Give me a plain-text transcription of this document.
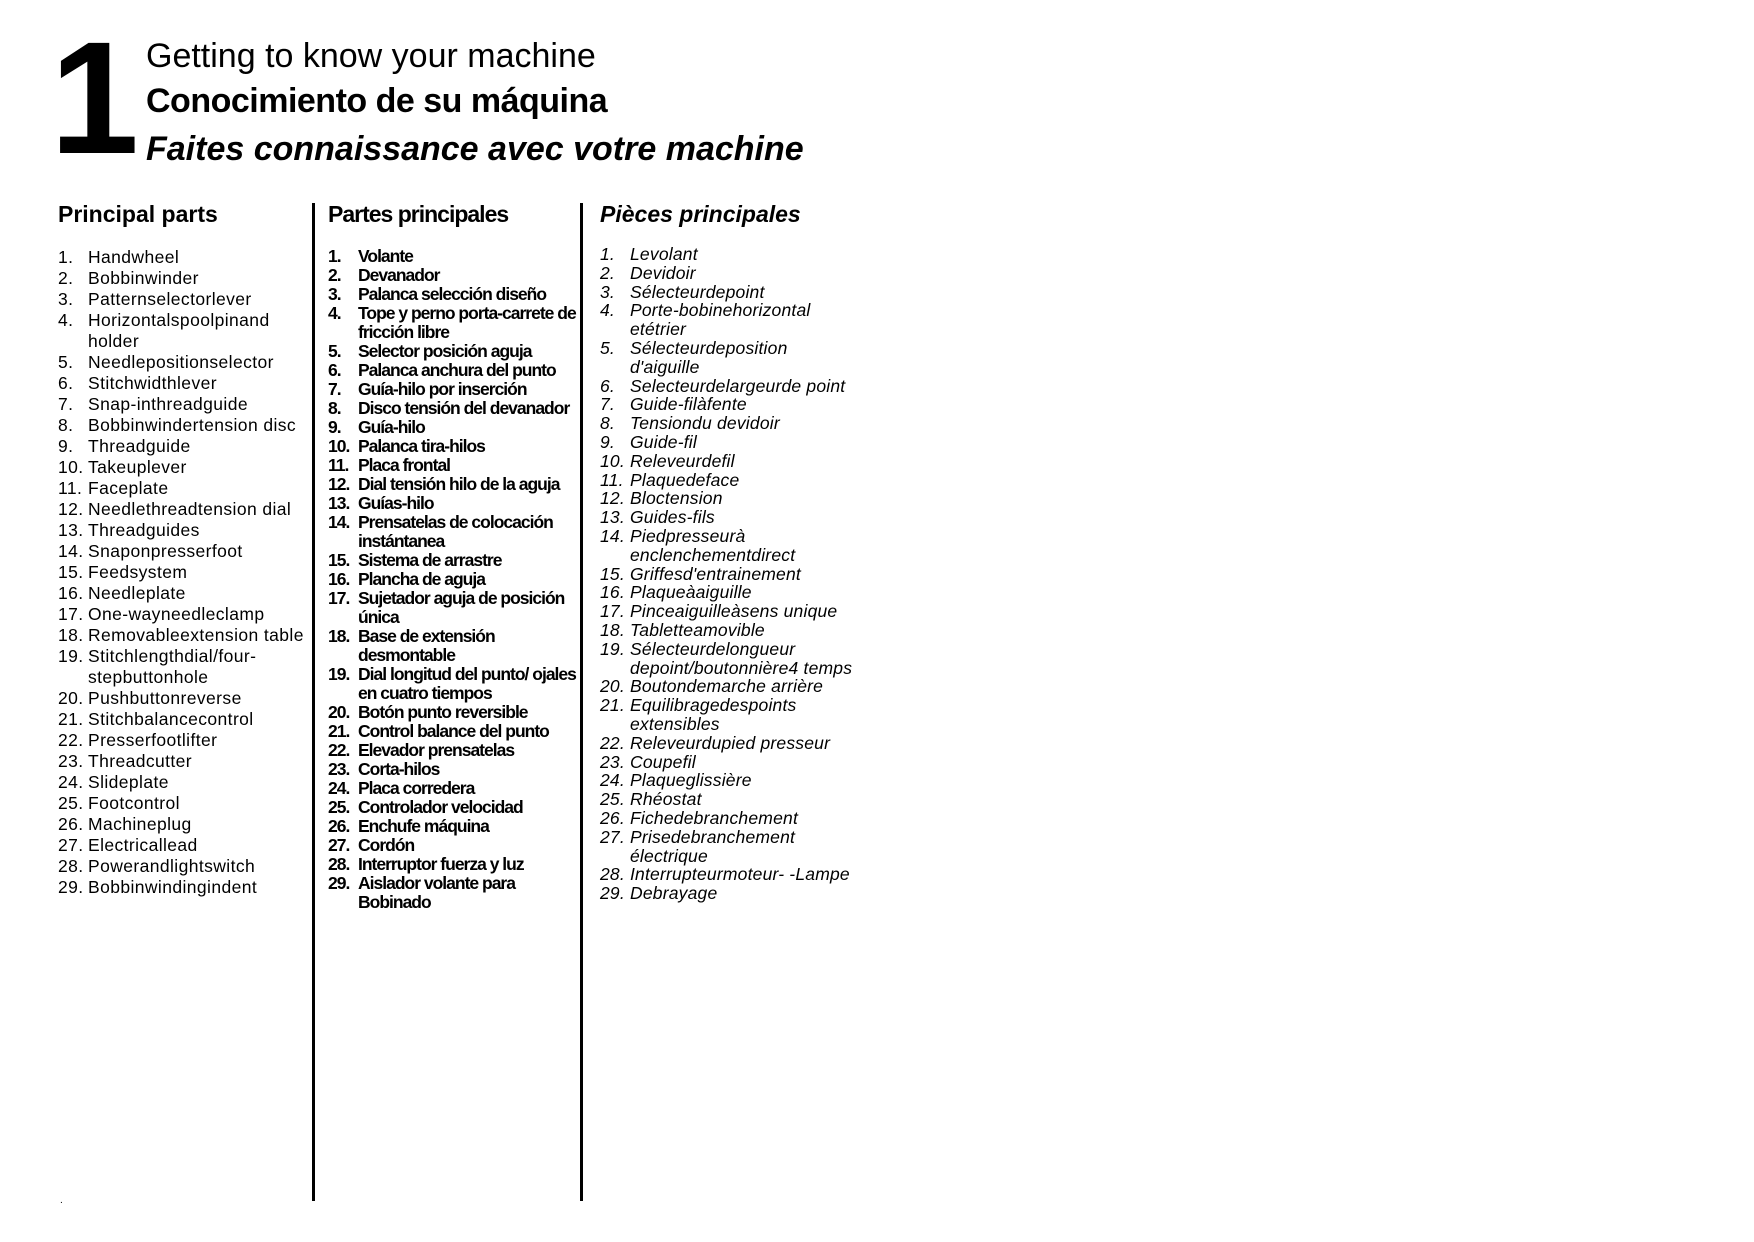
1 Getting to know your machine
Conocimiento de su máquina
Faites connaissance avec votre machine
Principal parts
1. Handwheel
2. Bobbinwinder
3. Patternselectorlever
4. Horizontalspoolpinand holder
5. Needlepositionselector
6. Stitchwidthlever
7. Snap-inthreadguide
8. Bobbinwindertension disc
9. Threadguide
10. Takeuplever
11. Faceplate
12. Needlethreadtension dial
13. Threadguides
14. Snaponpresserfoot
15. Feedsystem
16. Needleplate
17. One-wayneedleclamp
18. Removableextension table
19. Stitchlengthdial/four-stepbuttonhole
20. Pushbuttonreverse
21. Stitchbalancecontrol
22. Presserfootlifter
23. Threadcutter
24. Slideplate
25. Footcontrol
26. Machineplug
27. Electricallead
28. Powerandlightswitch
29. Bobbinwindingindent
Partes principales
1. Volante
2. Devanador
3. Palanca selección diseño
4. Tope y perno porta-carrete de fricción libre
5. Selector posición aguja
6. Palanca anchura del punto
7. Guía-hilo por inserción
8. Disco tensión del devanador
9. Guía-hilo
10. Palanca tira-hilos
11. Placa frontal
12. Dial tensión hilo de la aguja
13. Guías-hilo
14. Prensatelas de colocación instántanea
15. Sistema de arrastre
16. Plancha de aguja
17. Sujetador aguja de posición única
18. Base de extensión desmontable
19. Dial longitud del punto/ ojales en cuatro tiempos
20. Botón punto reversible
21. Control balance del punto
22. Elevador prensatelas
23. Corta-hilos
24. Placa corredera
25. Controlador velocidad
26. Enchufe máquina
27. Cordón
28. Interruptor fuerza y luz
29. Aislador volante para Bobinado
Pièces principales
1. Levolant
2. Devidoir
3. Sélecteurdepoint
4. Porte-bobinehorizontal etétrier
5. Sélecteurdeposition d'aiguille
6. Selecteurdelargeurde point
7. Guide-filàfente
8. Tensiondu devidoir
9. Guide-fil
10. Releveurdefil
11. Plaquedeface
12. Bloctension
13. Guides-fils
14. Piedpresseurà enclenchementdirect
15. Griffesd'entrainement
16. Plaqueàaiguille
17. Pinceaiguilleàsens unique
18. Tabletteamovible
19. Sélecteurdelongueur depoint/boutonnière4 temps
20. Boutondemarche arrière
21. Equilibragedespoints extensibles
22. Releveurdupied presseur
23. Coupefil
24. Plaqueglissière
25. Rhéostat
26. Fichedebranchement
27. Prisedebranchement électrique
28. Interrupteurmoteur- -Lampe
29. Debrayage
.
